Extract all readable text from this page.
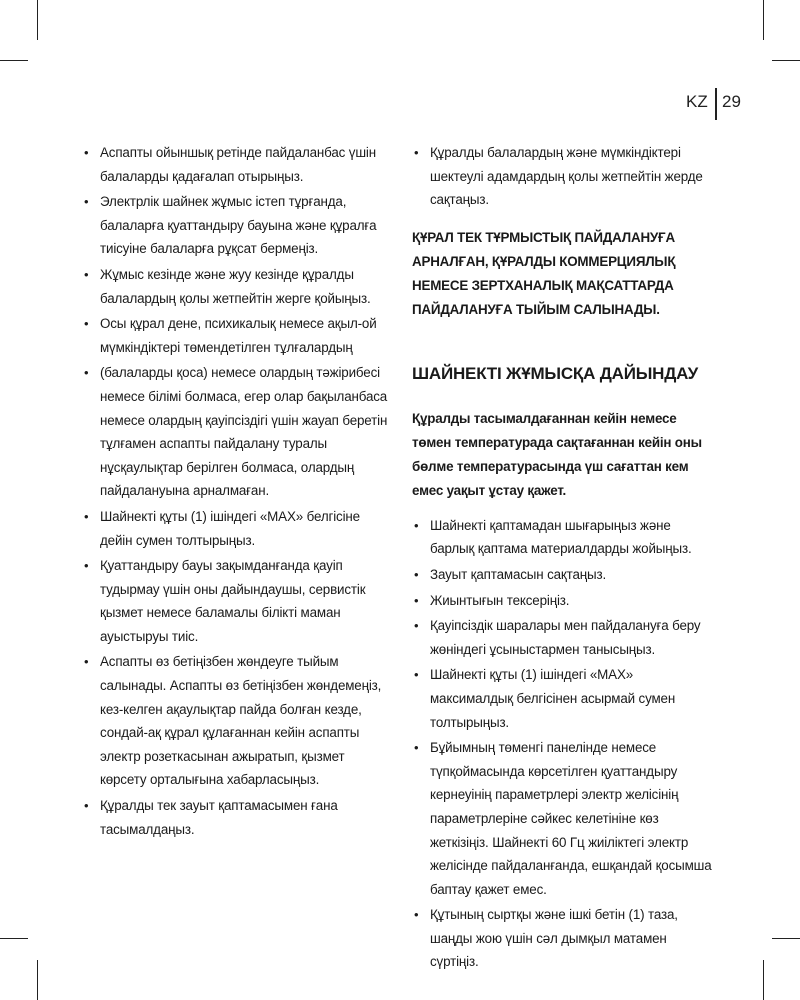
KZ 29
• Аспапты ойыншық ретінде пайдаланбас үшін балаларды қадағалап отырыңыз.
• Электрлік шайнек жұмыс істеп тұрғанда, балаларға қуаттандыру бауына және құралға тиісуіне балаларға рұқсат бермеңіз.
• Жұмыс кезінде және жуу кезінде құралды балалардың қолы жетпейтін жерге қойыңыз.
• Осы құрал дене, психикалық немесе ақыл-ой мүмкіндіктері төмендетілген тұлғалардың
• (балаларды қоса) немесе олардың тәжірибесі немесе білімі болмаса, егер олар бақыланбаса немесе олардың қауіпсіздігі үшін жауап беретін тұлғамен аспапты пайдалану туралы нұсқаулықтар берілген болмаса, олардың пайдалануына арналмаған.
• Шайнекті құты (1) ішіндегі «MAX» белгісіне дейін сумен толтырыңыз.
• Қуаттандыру бауы зақымданғанда қауіп тудырмау үшін оны дайындаушы, сервистік қызмет немесе баламалы білікті маман ауыстыруы тиіс.
• Аспапты өз бетіңізбен жөндеуге тыйым салынады. Аспапты өз бетіңізбен жөндемеңіз, кез-келген ақаулықтар пайда болған кезде, сондай-ақ құрал құлағаннан кейін аспапты электр розеткасынан ажыратып, қызмет көрсету орталығына хабарласыңыз.
• Құралды тек зауыт қаптамасымен ғана тасымалдаңыз.
• Құралды балалардың және мүмкіндіктері шектеулі адамдардың қолы жетпейтін жерде сақтаңыз.

ҚҰРАЛ ТЕК ТҰРМЫСТЫҚ ПАЙДАЛАНУҒА АРНАЛҒАН, ҚҰРАЛДЫ КОММЕРЦИЯЛЫҚ НЕМЕСЕ ЗЕРТХАНАЛЫҚ МАҚСАТТАРДА ПАЙДАЛАНУҒА ТЫЙЫМ САЛЫНАДЫ.

ШАЙНЕКТІ ЖҰМЫСҚА ДАЙЫНДАУ

Құралды тасымалдағаннан кейін немесе төмен температурада сақтағаннан кейін оны бөлме температурасында үш сағаттан кем емес уақыт ұстау қажет.

• Шайнекті қаптамадан шығарыңыз және барлық қаптама материалдарды жойыңыз.
• Зауыт қаптамасын сақтаңыз.
• Жиынтығын тексеріңіз.
• Қауіпсіздік шаралары мен пайдалануға беру жөніндегі ұсыныстармен танысыңыз.
• Шайнекті құты (1) ішіндегі «MAX» максималдық белгісінен асырмай сумен толтырыңыз.
• Бұйымның төменгі панелінде немесе түпқоймасында көрсетілген қуаттандыру кернеуінің параметрлері электр желісінің параметрлеріне сәйкес келетініне көз жеткізіңіз. Шайнекті 60 Гц жиіліктегі электр желісінде пайдаланғанда, ешқандай қосымша баптау қажет емес.
• Құтының сыртқы және ішкі бетін (1) таза, шаңды жою үшін сәл дымқыл матамен сүртіңіз.
